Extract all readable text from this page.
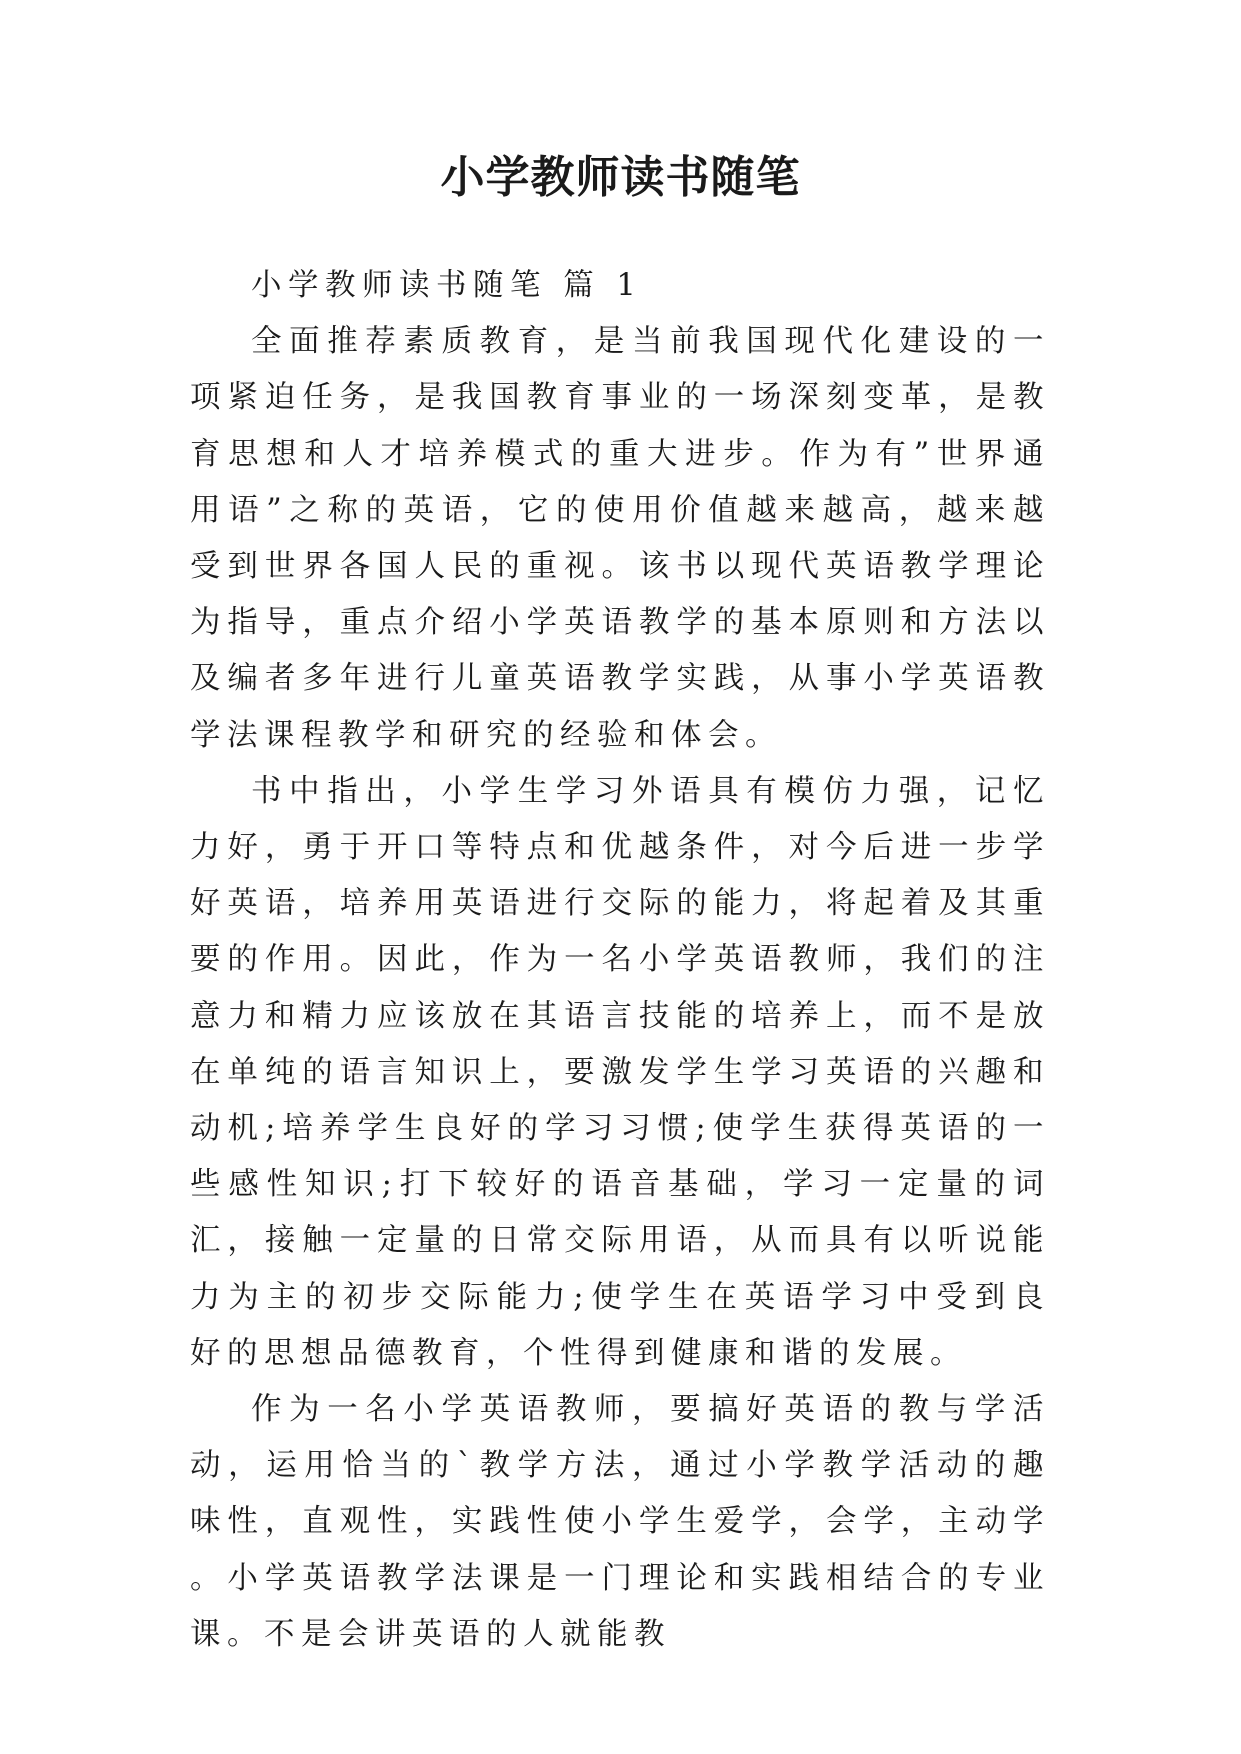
小学教师读书随笔

小学教师读书随笔 篇 1

全面推荐素质教育，是当前我国现代化建设的一项紧迫任务，是我国教育事业的一场深刻变革，是教育思想和人才培养模式的重大进步。作为有”世界通用语”之称的英语，它的使用价值越来越高，越来越受到世界各国人民的重视。该书以现代英语教学理论为指导，重点介绍小学英语教学的基本原则和方法以及编者多年进行儿童英语教学实践，从事小学英语教学法课程教学和研究的经验和体会。

书中指出，小学生学习外语具有模仿力强，记忆力好，勇于开口等特点和优越条件，对今后进一步学好英语，培养用英语进行交际的能力，将起着及其重要的作用。因此，作为一名小学英语教师，我们的注意力和精力应该放在其语言技能的培养上，而不是放在单纯的语言知识上，要激发学生学习英语的兴趣和动机;培养学生良好的学习习惯;使学生获得英语的一些感性知识;打下较好的语音基础，学习一定量的词汇，接触一定量的日常交际用语，从而具有以听说能力为主的初步交际能力;使学生在英语学习中受到良好的思想品德教育，个性得到健康和谐的发展。

作为一名小学英语教师，要搞好英语的教与学活动，运用恰当的`教学方法，通过小学教学活动的趣味性，直观性，实践性使小学生爱学，会学，主动学。小学英语教学法课是一门理论和实践相结合的专业课。不是会讲英语的人就能教
